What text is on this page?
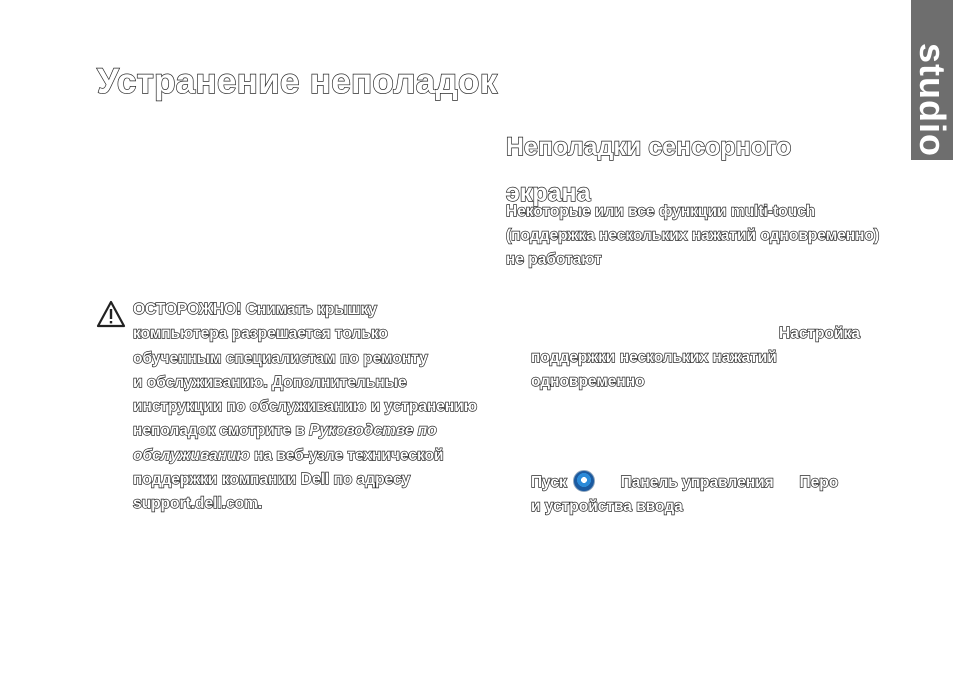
Устранение неполадок	studio
ОСТОРОЖНО! Снимать крышку
компьютера разрешается только
обученным специалистам по ремонту
и обслуживанию. Дополнительные
инструкции по обслуживанию и устранению
неполадок смотрите в Руководстве по
обслуживанию на веб-узле технической
поддержки компании Dell по адресу
support.dell.com.
Неполадки сенсорного
экрана
Некоторые или все функции multi-touch
(поддержка нескольких нажатий одновременно)
не работают
Настройка
поддержки нескольких нажатий
одновременно
Пуск	Панель управления Перо
и устройства ввода
